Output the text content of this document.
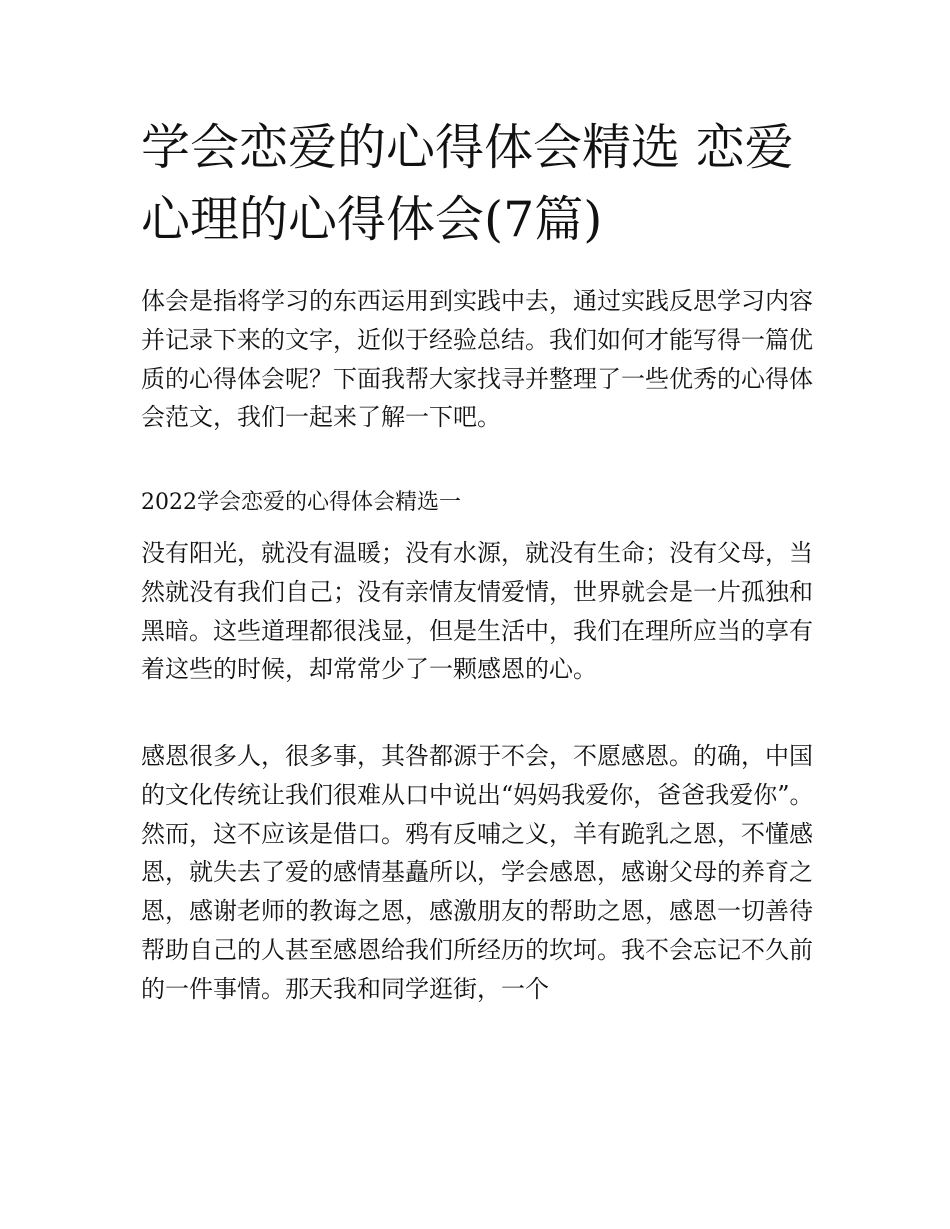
学会恋爱的心得体会精选 恋爱心理的心得体会(7篇)

体会是指将学习的东西运用到实践中去，通过实践反思学习内容并记录下来的文字，近似于经验总结。我们如何才能写得一篇优质的心得体会呢？下面我帮大家找寻并整理了一些优秀的心得体会范文，我们一起来了解一下吧。

2022学会恋爱的心得体会精选一

没有阳光，就没有温暖；没有水源，就没有生命；没有父母，当然就没有我们自己；没有亲情友情爱情，世界就会是一片孤独和黑暗。这些道理都很浅显，但是生活中，我们在理所应当的享有着这些的时候，却常常少了一颗感恩的心。

感恩很多人，很多事，其咎都源于不会，不愿感恩。的确，中国的文化传统让我们很难从口中说出“妈妈我爱你，爸爸我爱你”。然而，这不应该是借口。鸦有反哺之义，羊有跪乳之恩，不懂感恩，就失去了爱的感情基矗所以，学会感恩，感谢父母的养育之恩，感谢老师的教诲之恩，感激朋友的帮助之恩，感恩一切善待帮助自己的人甚至感恩给我们所经历的坎坷。我不会忘记不久前的一件事情。那天我和同学逛街，一个
